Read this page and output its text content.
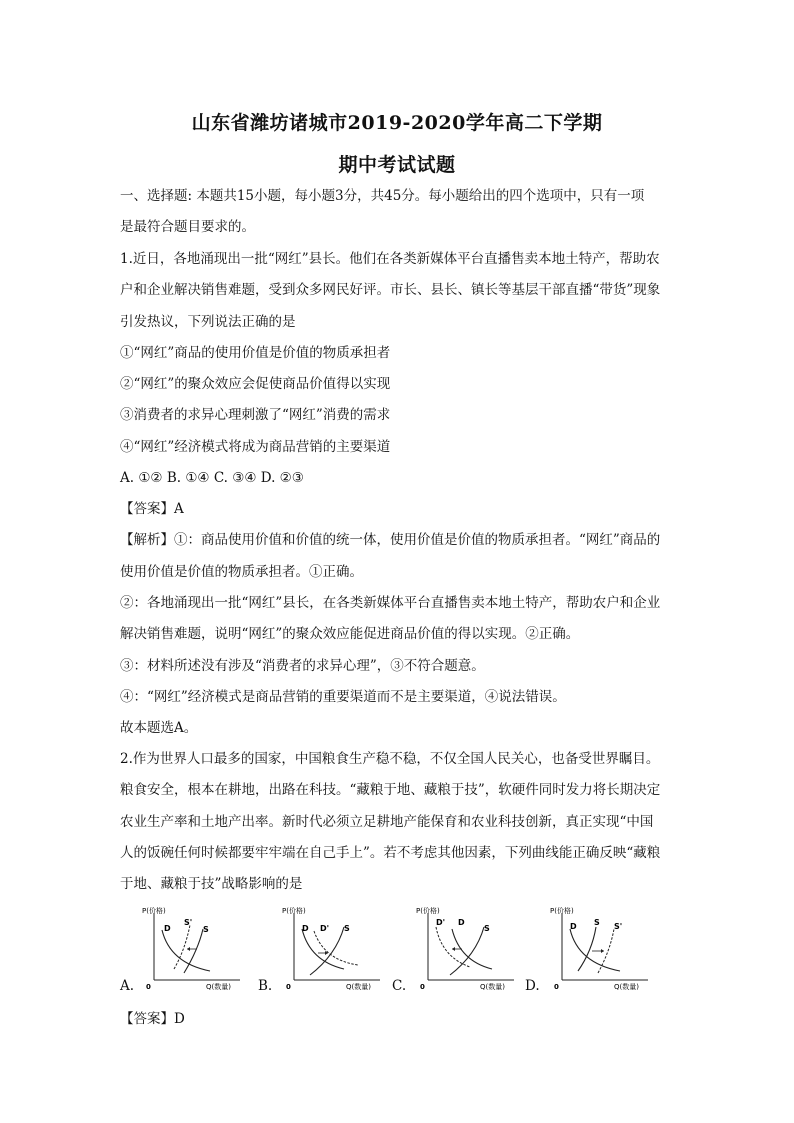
山东省潍坊诸城市2019-2020学年高二下学期
期中考试试题
一、选择题: 本题共15小题，每小题3分，共45分。每小题给出的四个选项中，只有一项
是最符合题目要求的。
1.近日，各地涌现出一批“网红”县长。他们在各类新媒体平台直播售卖本地土特产，帮助农
户和企业解决销售难题，受到众多网民好评。市长、县长、镇长等基层干部直播“带货”现象
引发热议，下列说法正确的是
①“网红”商品的使用价值是价值的物质承担者
②“网红”的聚众效应会促使商品价值得以实现
③消费者的求异心理刺激了“网红”消费的需求
④“网红”经济模式将成为商品营销的主要渠道
A. ①② B. ①④ C. ③④ D. ②③
【答案】A
【解析】①：商品使用价值和价值的统一体，使用价值是价值的物质承担者。“网红”商品的
使用价值是价值的物质承担者。①正确。
②：各地涌现出一批“网红”县长，在各类新媒体平台直播售卖本地土特产，帮助农户和企业
解决销售难题，说明“网红”的聚众效应能促进商品价值的得以实现。②正确。
③：材料所述没有涉及“消费者的求异心理”，③不符合题意。
④：“网红”经济模式是商品营销的重要渠道而不是主要渠道，④说法错误。
故本题选A。
2.作为世界人口最多的国家，中国粮食生产稳不稳，不仅全国人民关心，也备受世界瞩目。
粮食安全，根本在耕地，出路在科技。“藏粮于地、藏粮于技”，软硬件同时发力将长期决定
农业生产率和土地产出率。新时代必须立足耕地产能保育和农业科技创新，真正实现“中国
人的饭碗任何时候都要牢牢端在自己手上”。若不考虑其他因素，下列曲线能正确反映“藏粮
于地、藏粮于技”战略影响的是
A.
P(价格)
Q(数量)
0
D
S'
S
B.
P(价格)
Q(数量)
0
D D' S
C.
P(价格)
Q(数量)
0
D' D
S
D.
P(价格)
Q(数量)
0
D S S'
【答案】D
